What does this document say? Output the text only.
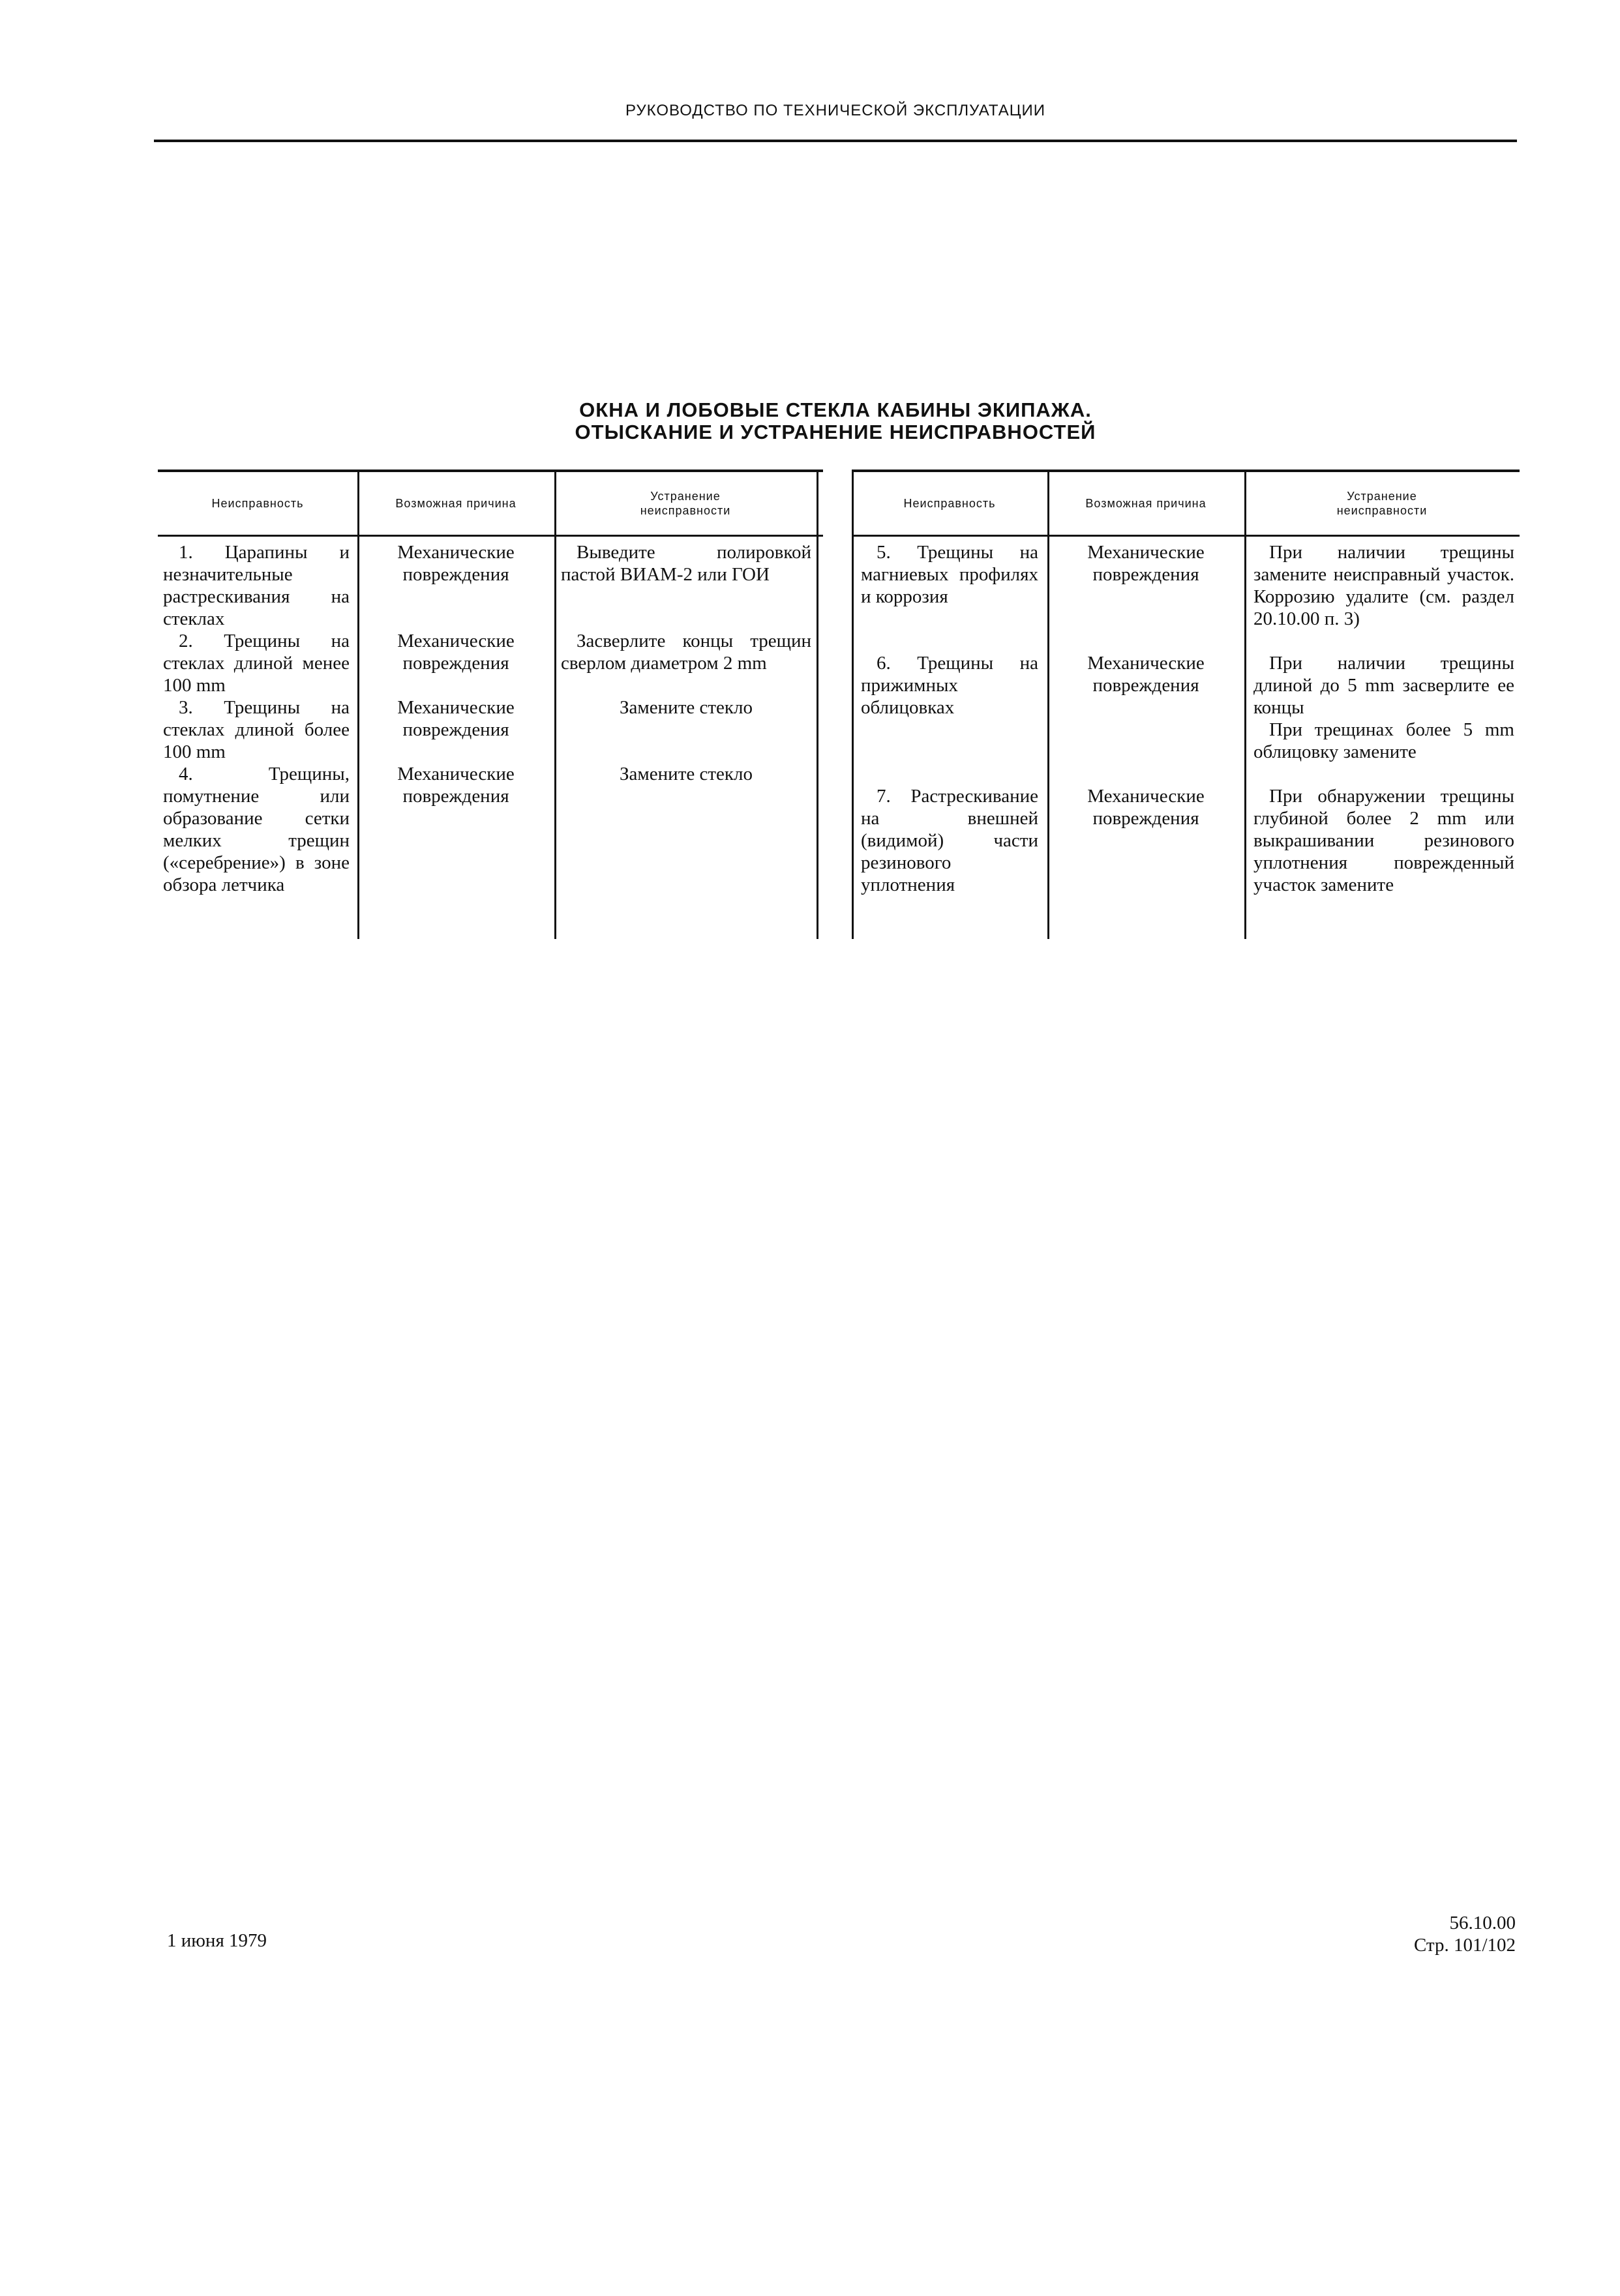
РУКОВОДСТВО ПО ТЕХНИЧЕСКОЙ ЭКСПЛУАТАЦИИ
ОКНА И ЛОБОВЫЕ СТЕКЛА КАБИНЫ ЭКИПАЖА.
ОТЫСКАНИЕ И УСТРАНЕНИЕ НЕИСПРАВНОСТЕЙ
Неисправность	Возможная причина
Устранение
неисправности
1. Царапины и незначительные растрескивания на стеклах
Механические повреждения
Выведите полировкой пастой ВИАМ-2 или ГОИ
2. Трещины на стеклах длиной менее 100 mm
Механические повреждения
Засверлите концы трещин сверлом диаметром 2 mm
3. Трещины на стеклах длиной более 100 mm
Механические повреждения
Замените стекло
4. Трещины, помутнение или образование сетки мелких трещин («серебрение») в зоне обзора летчика
Механические повреждения
Замените стекло
Неисправность	Возможная причина
Устранение
неисправности
5. Трещины на магниевых профилях и коррозия
Механические повреждения
При наличии трещины замените неисправный участок. Коррозию удалите (см. раздел 20.10.00 п. 3)
6. Трещины на прижимных облицовках
Механические повреждения
При наличии трещины длиной до 5 mm засверлите ее концы
При трещинах более 5 mm облицовку замените
7. Растрескивание на внешней (видимой) части резинового уплотнения
Механические повреждения
При обнаружении трещины глубиной более 2 mm или выкрашивании резинового уплотнения поврежденный участок замените
1 июня 1979
56.10.00
Стр. 101/102
